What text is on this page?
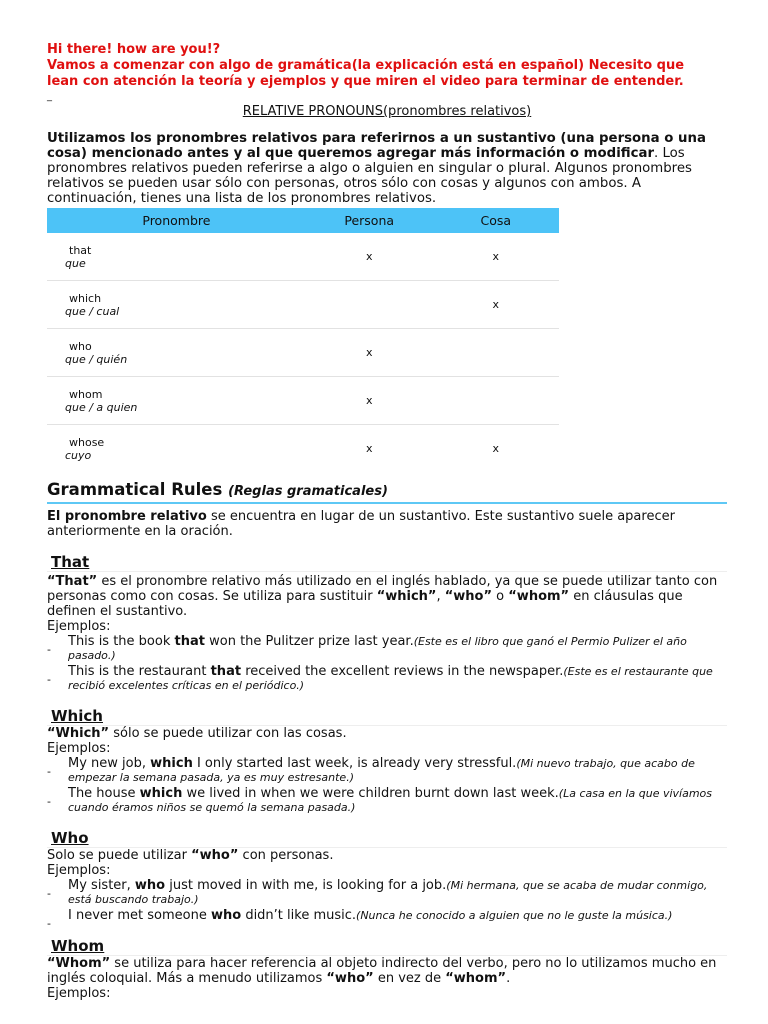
Hi there! how are you!?
Vamos a comenzar con algo de gramática(la explicación está en español) Necesito que
lean con atención la teoría y ejemplos y que miren el video para terminar de entender.
_
RELATIVE PRONOUNS(pronombres relativos)
Utilizamos los pronombres relativos para referirnos a un sustantivo (una persona o una cosa) mencionado antes y al que queremos agregar más información o modificar. Los pronombres relativos pueden referirse a algo o alguien en singular o plural. Algunos pronombres relativos se pueden usar sólo con personas, otros sólo con cosas y algunos con ambos. A continuación, tienes una lista de los pronombres relativos.
Pronombre	Persona	Cosa

that
que	x	x

which
que / cual		x

who
que / quién	x	

whom
que / a quien	x	

whose
cuyo	x	x
Grammatical Rules (Reglas gramaticales)
El pronombre relativo se encuentra en lugar de un sustantivo. Este sustantivo suele aparecer anteriormente en la oración.
That
“That” es el pronombre relativo más utilizado en el inglés hablado, ya que se puede utilizar tanto con personas como con cosas. Se utiliza para sustituir “which”, “who” o “whom” en cláusulas que definen el sustantivo.
Ejemplos:
-
This is the book that won the Pulitzer prize last year.(Este es el libro que ganó el Permio Pulizer el año pasado.)
-
This is the restaurant that received the excellent reviews in the newspaper.(Este es el restaurante que recibió excelentes críticas en el periódico.)
Which
“Which” sólo se puede utilizar con las cosas.
Ejemplos:
-
My new job, which I only started last week, is already very stressful.(Mi nuevo trabajo, que acabo de empezar la semana pasada, ya es muy estresante.)
-
The house which we lived in when we were children burnt down last week.(La casa en la que vivíamos cuando éramos niños se quemó la semana pasada.)
Who
Solo se puede utilizar “who” con personas.
Ejemplos:
-
My sister, who just moved in with me, is looking for a job.(Mi hermana, que se acaba de mudar conmigo, está buscando trabajo.)
-
I never met someone who didn’t like music.(Nunca he conocido a alguien que no le guste la música.)
Whom
“Whom” se utiliza para hacer referencia al objeto indirecto del verbo, pero no lo utilizamos mucho en inglés coloquial. Más a menudo utilizamos “who” en vez de “whom”.
Ejemplos:
